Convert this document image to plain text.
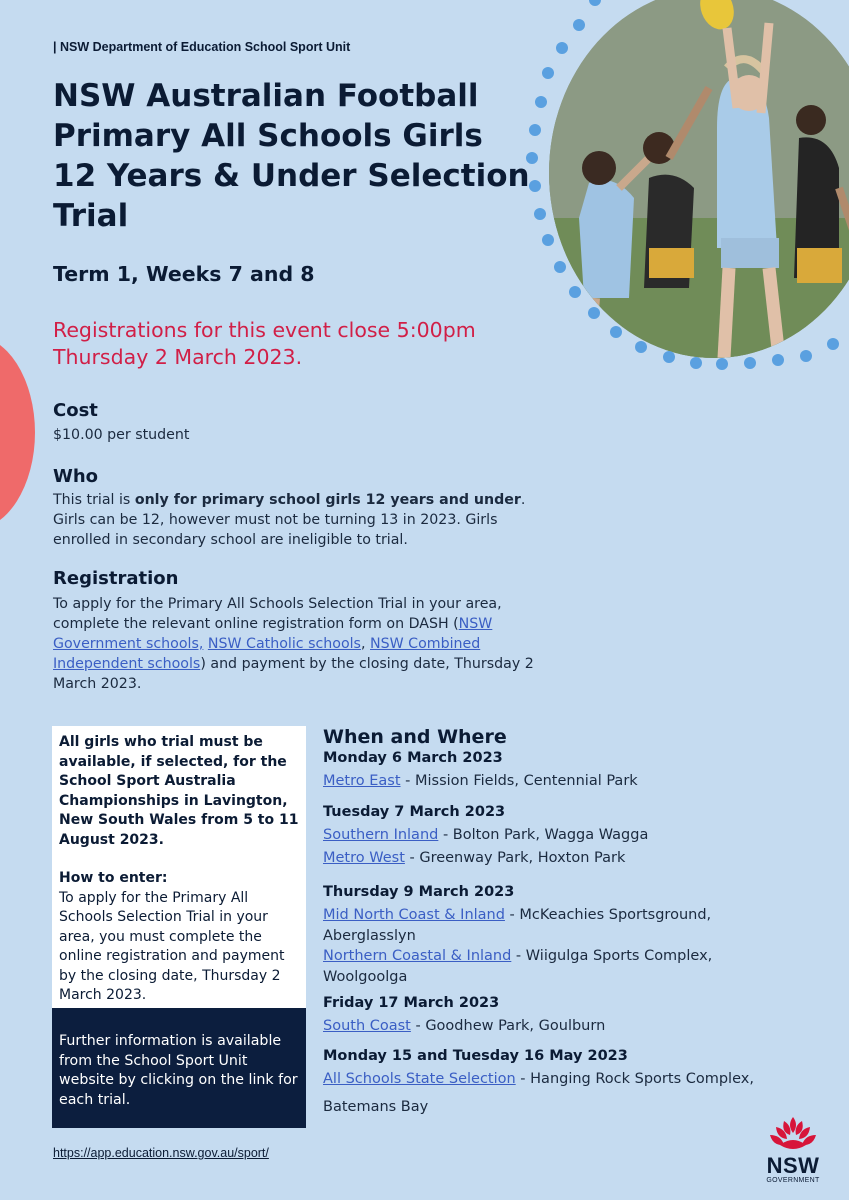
| NSW Department of Education School Sport Unit
NSW Australian Football Primary All Schools Girls 12 Years & Under Selection Trial
Term 1, Weeks 7 and 8
Registrations for this event close 5:00pm Thursday 2 March 2023.
Cost
$10.00 per student
Who
This trial is only for primary school girls 12 years and under. Girls can be 12, however must not be turning 13 in 2023. Girls enrolled in secondary school are ineligible to trial.
Registration
To apply for the Primary All Schools Selection Trial in your area, complete the relevant online registration form on DASH (NSW Government schools, NSW Catholic schools, NSW Combined Independent schools) and payment by the closing date, Thursday 2 March 2023.
All girls who trial must be available, if selected, for the School Sport Australia Championships in Lavington, New South Wales from 5 to 11 August 2023.
How to enter:
To apply for the Primary All Schools Selection Trial in your area, you must complete the online registration and payment by the closing date, Thursday 2 March 2023.
Further information is available from the School Sport Unit website by clicking on the link for each trial.
https://app.education.nsw.gov.au/sport/
When and Where
Monday 6 March 2023
Metro East - Mission Fields, Centennial Park
Tuesday 7 March 2023
Southern Inland - Bolton Park, Wagga Wagga
Metro West - Greenway Park, Hoxton Park
Thursday 9 March 2023
Mid North Coast & Inland - McKeachies Sportsground, Aberglasslyn
Northern Coastal & Inland - Wiigulga Sports Complex, Woolgoolga
Friday 17 March 2023
South Coast - Goodhew Park, Goulburn
Monday 15 and Tuesday 16 May 2023
All Schools State Selection - Hanging Rock Sports Complex,
Batemans Bay
NSW
GOVERNMENT
